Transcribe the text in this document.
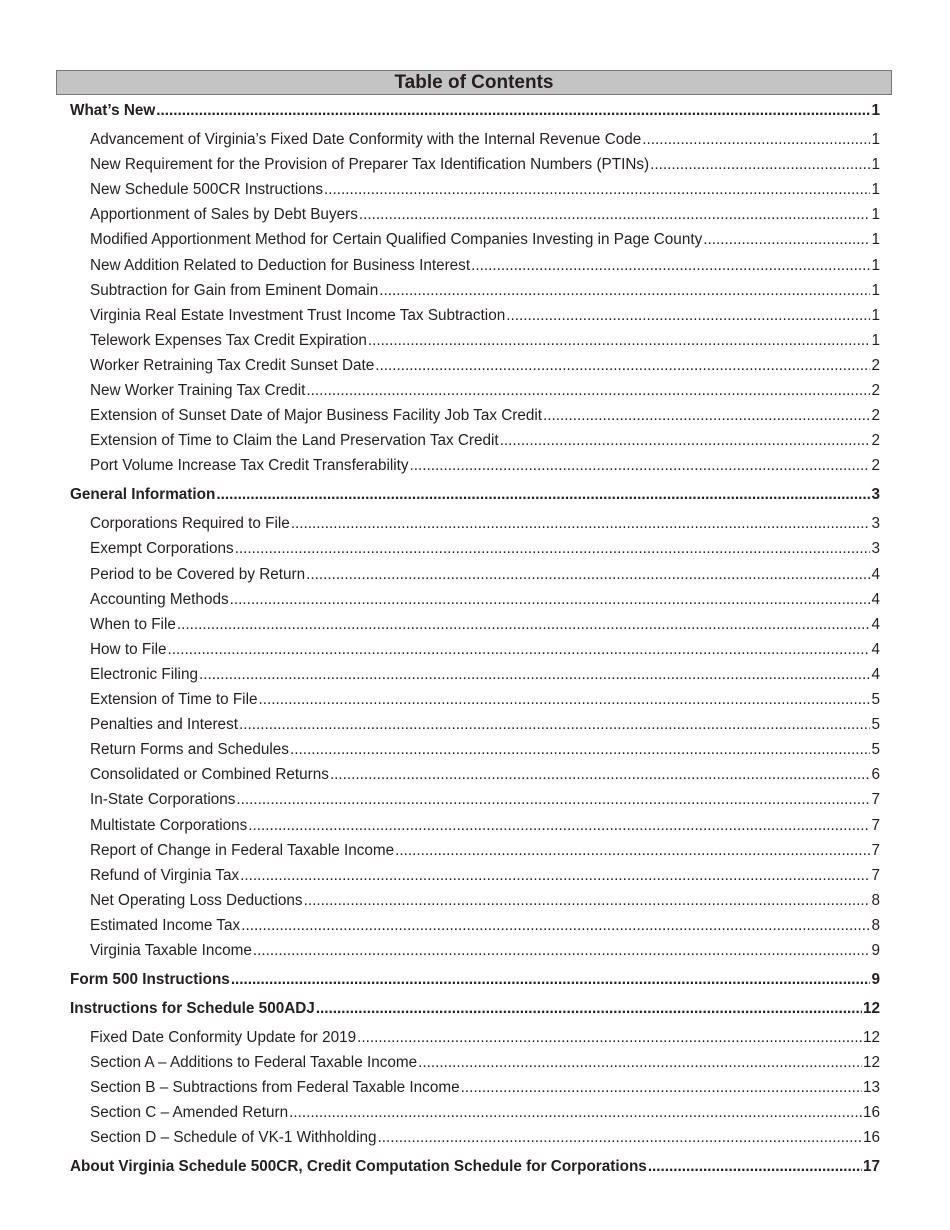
Table of Contents
What’s New .....	1
Advancement of Virginia’s Fixed Date Conformity with the Internal Revenue Code .....	1
New Requirement for the Provision of Preparer Tax Identification Numbers (PTINs) .....	1
New Schedule 500CR Instructions .....	1
Apportionment of Sales by Debt Buyers .....	1
Modified Apportionment Method for Certain Qualified Companies Investing in Page County .....	1
New Addition Related to Deduction for Business Interest .....	1
Subtraction for Gain from Eminent Domain .....	1
Virginia Real Estate Investment Trust Income Tax Subtraction .....	1
Telework Expenses Tax Credit Expiration .....	1
Worker Retraining Tax Credit Sunset Date .....	2
New Worker Training Tax Credit .....	2
Extension of Sunset Date of Major Business Facility Job Tax Credit .....	2
Extension of Time to Claim the Land Preservation Tax Credit .....	2
Port Volume Increase Tax Credit Transferability .....	2
General Information .....	3
Corporations Required to File .....	3
Exempt Corporations .....	3
Period to be Covered by Return .....	4
Accounting Methods .....	4
When to File .....	4
How to File .....	4
Electronic Filing .....	4
Extension of Time to File .....	5
Penalties and Interest .....	5
Return Forms and Schedules .....	5
Consolidated or Combined Returns .....	6
In-State Corporations .....	7
Multistate Corporations .....	7
Report of Change in Federal Taxable Income .....	7
Refund of Virginia Tax .....	7
Net Operating Loss Deductions .....	8
Estimated Income Tax .....	8
Virginia Taxable Income .....	9
Form 500 Instructions .....	9
Instructions for Schedule 500ADJ .....	12
Fixed Date Conformity Update for 2019 .....	12
Section A – Additions to Federal Taxable Income .....	12
Section B – Subtractions from Federal Taxable Income .....	13
Section C – Amended Return .....	16
Section D – Schedule of VK-1 Withholding .....	16
About Virginia Schedule 500CR, Credit Computation Schedule for Corporations .....	17
